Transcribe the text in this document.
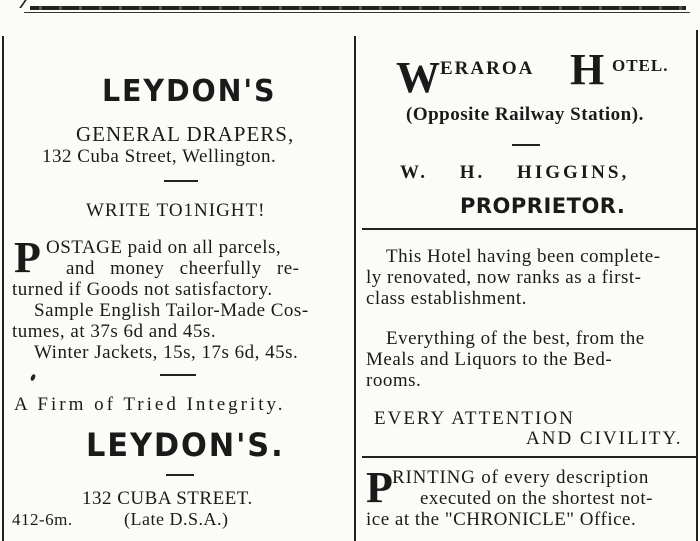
LEYDON'S
GENERAL DRAPERS,
132 Cuba Street, Wellington.
WRITE TO1NIGHT!
P OSTAGE paid on all parcels,
and money cheerfully re-
turned if Goods not satisfactory.
Sample English Tailor-Made Cos-
tumes, at 37s 6d and 45s.
Winter Jackets, 15s, 17s 6d, 45s.
A Firm of Tried Integrity.
LEYDON'S.
132 CUBA STREET.
412-6m.	(Late D.S.A.)
W ERAROA H OTEL.
(Opposite Railway Station).
W. H. HIGGINS,
PROPRIETOR.
This Hotel having been complete-
ly renovated, now ranks as a first-
class establishment.
Everything of the best, from the
Meals and Liquors to the Bed-
rooms.
EVERY ATTENTION
AND CIVILITY.
P RINTING of every description
executed on the shortest not-
ice at the "CHRONICLE" Office.
